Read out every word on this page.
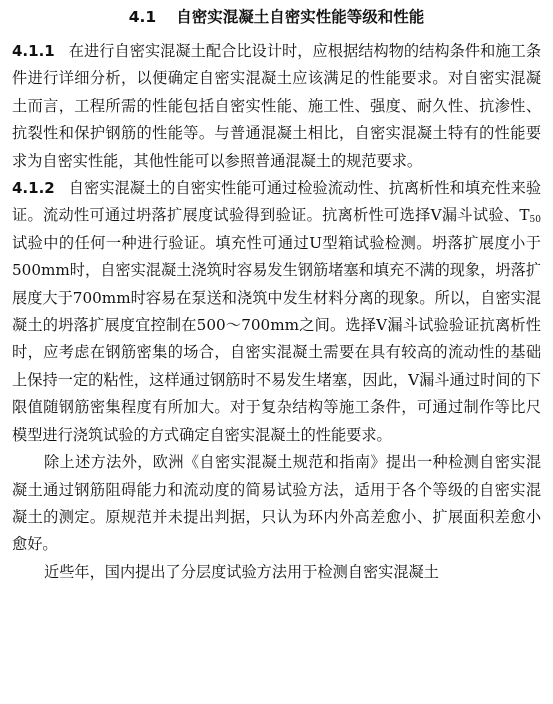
4.1 自密实混凝土自密实性能等级和性能

4.1.1 在进行自密实混凝土配合比设计时，应根据结构物的结构条件和施工条件进行详细分析，以便确定自密实混凝土应该满足的性能要求。对自密实混凝土而言，工程所需的性能包括自密实性能、施工性、强度、耐久性、抗渗性、抗裂性和保护钢筋的性能等。与普通混凝土相比，自密实混凝土特有的性能要求为自密实性能，其他性能可以参照普通混凝土的规范要求。

4.1.2 自密实混凝土的自密实性能可通过检验流动性、抗离析性和填充性来验证。流动性可通过坍落扩展度试验得到验证。抗离析性可选择V漏斗试验、$T_{50}$试验中的任何一种进行验证。填充性可通过U型箱试验检测。坍落扩展度小于500mm时，自密实混凝土浇筑时容易发生钢筋堵塞和填充不满的现象，坍落扩展度大于700mm时容易在泵送和浇筑中发生材料分离的现象。所以，自密实混凝土的坍落扩展度宜控制在500～700mm之间。选择V漏斗试验验证抗离析性时，应考虑在钢筋密集的场合，自密实混凝土需要在具有较高的流动性的基础上保持一定的粘性，这样通过钢筋时不易发生堵塞，因此，V漏斗通过时间的下限值随钢筋密集程度有所加大。对于复杂结构等施工条件，可通过制作等比尺模型进行浇筑试验的方式确定自密实混凝土的性能要求。

除上述方法外，欧洲《自密实混凝土规范和指南》提出一种检测自密实混凝土通过钢筋阻碍能力和流动度的简易试验方法，适用于各个等级的自密实混凝土的测定。原规范并未提出判据，只认为环内外高差愈小、扩展面积差愈小愈好。

近些年，国内提出了分层度试验方法用于检测自密实混凝土
